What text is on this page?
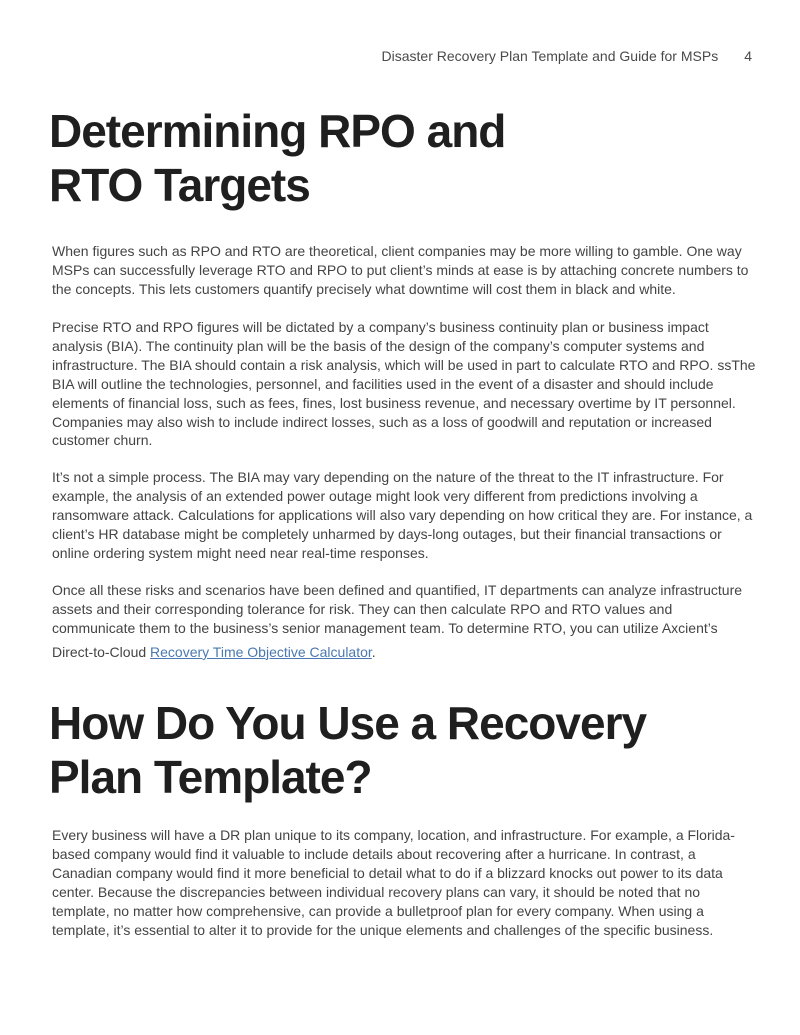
Disaster Recovery Plan Template and Guide for MSPs 4
Determining RPO and
RTO Targets

When figures such as RPO and RTO are theoretical, client companies may be more willing to gamble. One way MSPs can successfully leverage RTO and RPO to put client’s minds at ease is by attaching concrete numbers to the concepts. This lets customers quantify precisely what downtime will cost them in black and white.

Precise RTO and RPO figures will be dictated by a company’s business continuity plan or business impact analysis (BIA). The continuity plan will be the basis of the design of the company’s computer systems and infrastructure. The BIA should contain a risk analysis, which will be used in part to calculate RTO and RPO. ssThe BIA will outline the technologies, personnel, and facilities used in the event of a disaster and should include elements of financial loss, such as fees, fines, lost business revenue, and necessary overtime by IT personnel. Companies may also wish to include indirect losses, such as a loss of goodwill and reputation or increased customer churn.

It’s not a simple process. The BIA may vary depending on the nature of the threat to the IT infrastructure. For example, the analysis of an extended power outage might look very different from predictions involving a ransomware attack. Calculations for applications will also vary depending on how critical they are. For instance, a client’s HR database might be completely unharmed by days-long outages, but their financial transactions or online ordering system might need near real-time responses.

Once all these risks and scenarios have been defined and quantified, IT departments can analyze infrastructure assets and their corresponding tolerance for risk. They can then calculate RPO and RTO values and communicate them to the business’s senior management team. To determine RTO, you can utilize Axcient’s
Direct-to-Cloud Recovery Time Objective Calculator.

How Do You Use a Recovery
Plan Template?

Every business will have a DR plan unique to its company, location, and infrastructure. For example, a Florida-based company would find it valuable to include details about recovering after a hurricane. In contrast, a Canadian company would find it more beneficial to detail what to do if a blizzard knocks out power to its data center. Because the discrepancies between individual recovery plans can vary, it should be noted that no template, no matter how comprehensive, can provide a bulletproof plan for every company. When using a template, it’s essential to alter it to provide for the unique elements and challenges of the specific business.
